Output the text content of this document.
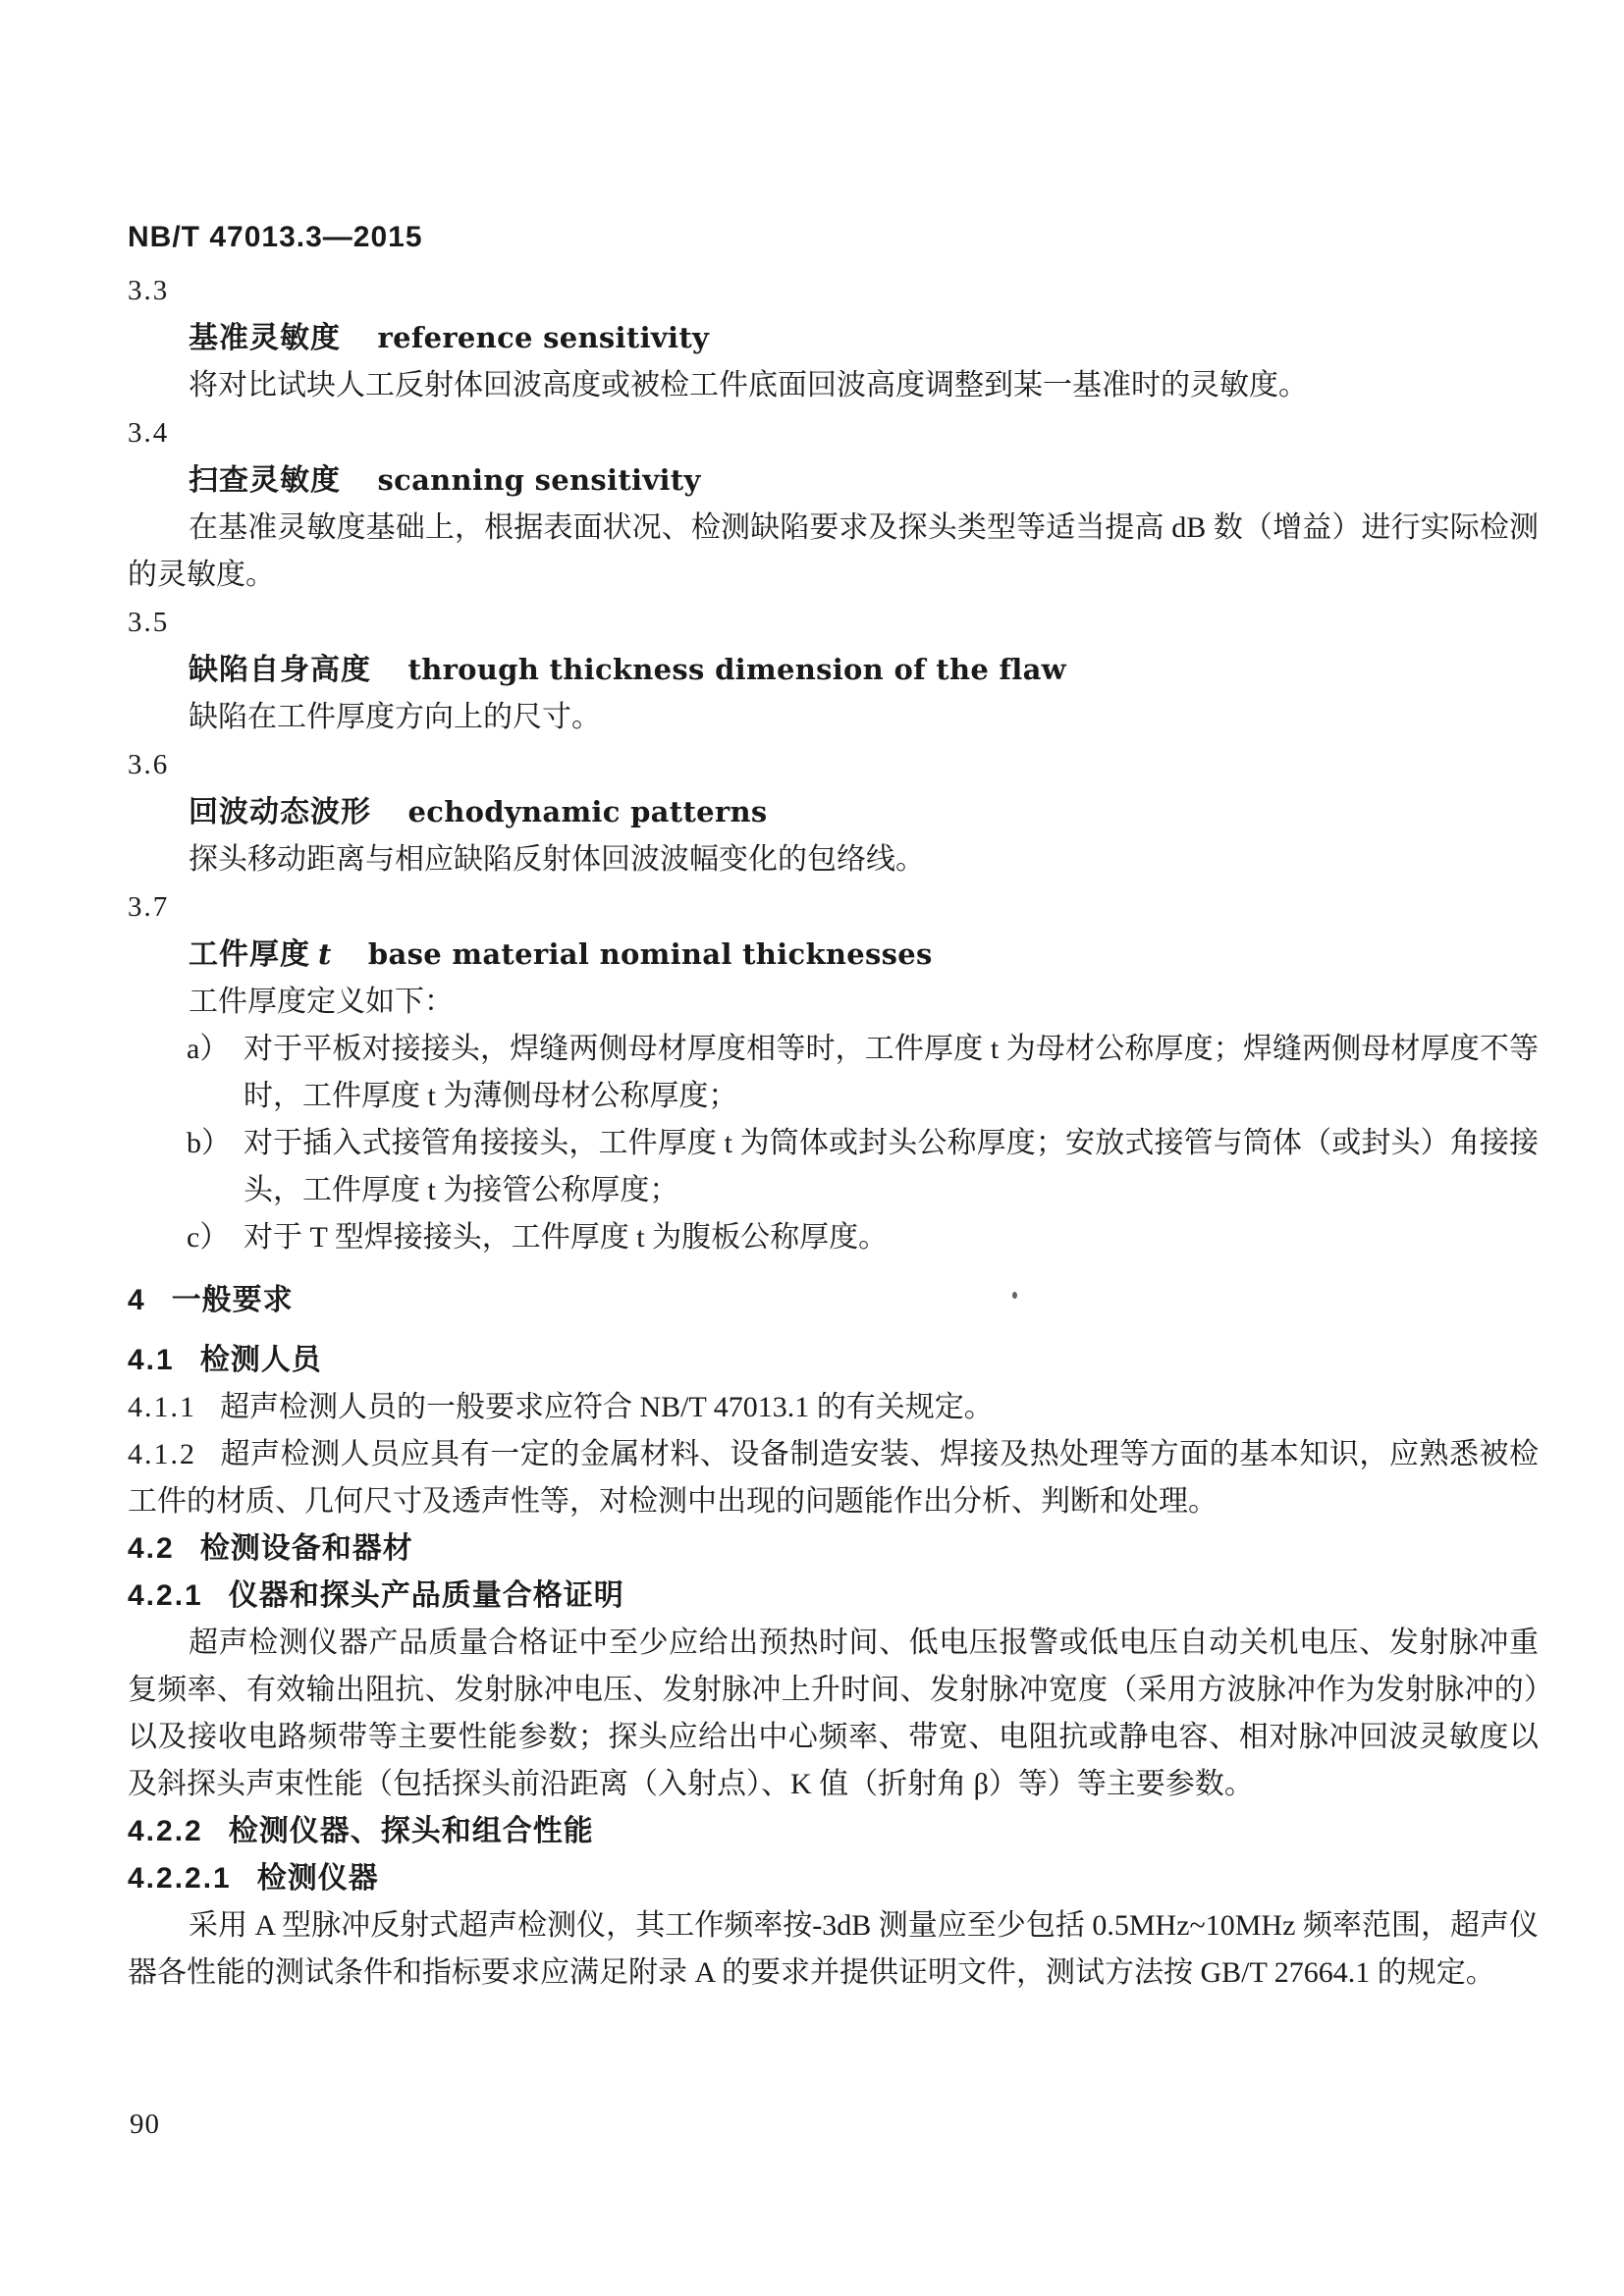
NB/T 47013.3—2015
3.3
基准灵敏度 reference sensitivity
将对比试块人工反射体回波高度或被检工件底面回波高度调整到某一基准时的灵敏度。
3.4
扫查灵敏度 scanning sensitivity
在基准灵敏度基础上，根据表面状况、检测缺陷要求及探头类型等适当提高 dB 数（增益）进行实际检测的灵敏度。
3.5
缺陷自身高度 through thickness dimension of the flaw
缺陷在工件厚度方向上的尺寸。
3.6
回波动态波形 echodynamic patterns
探头移动距离与相应缺陷反射体回波波幅变化的包络线。
3.7
工件厚度 t base material nominal thicknesses
工件厚度定义如下：
a） 对于平板对接接头，焊缝两侧母材厚度相等时，工件厚度 t 为母材公称厚度；焊缝两侧母材厚度不等时，工件厚度 t 为薄侧母材公称厚度；
b） 对于插入式接管角接接头，工件厚度 t 为筒体或封头公称厚度；安放式接管与筒体（或封头）角接接头，工件厚度 t 为接管公称厚度；
c） 对于 T 型焊接接头，工件厚度 t 为腹板公称厚度。
4 一般要求
4.1 检测人员
4.1.1 超声检测人员的一般要求应符合 NB/T 47013.1 的有关规定。
4.1.2 超声检测人员应具有一定的金属材料、设备制造安装、焊接及热处理等方面的基本知识，应熟悉被检工件的材质、几何尺寸及透声性等，对检测中出现的问题能作出分析、判断和处理。
4.2 检测设备和器材
4.2.1 仪器和探头产品质量合格证明
超声检测仪器产品质量合格证中至少应给出预热时间、低电压报警或低电压自动关机电压、发射脉冲重复频率、有效输出阻抗、发射脉冲电压、发射脉冲上升时间、发射脉冲宽度（采用方波脉冲作为发射脉冲的）以及接收电路频带等主要性能参数；探头应给出中心频率、带宽、电阻抗或静电容、相对脉冲回波灵敏度以及斜探头声束性能（包括探头前沿距离（入射点）、K 值（折射角 β）等）等主要参数。
4.2.2 检测仪器、探头和组合性能
4.2.2.1 检测仪器
采用 A 型脉冲反射式超声检测仪，其工作频率按-3dB 测量应至少包括 0.5MHz~10MHz 频率范围，超声仪器各性能的测试条件和指标要求应满足附录 A 的要求并提供证明文件，测试方法按 GB/T 27664.1 的规定。
90
